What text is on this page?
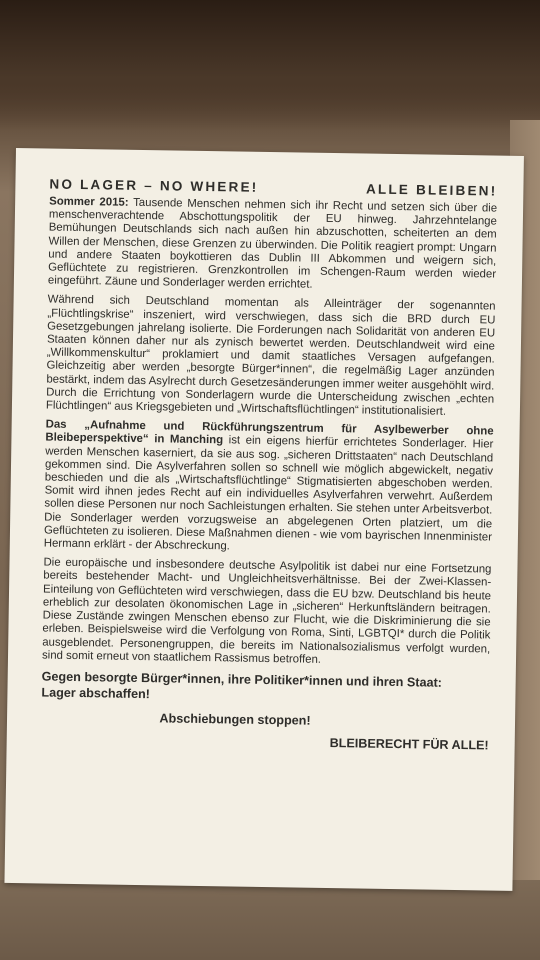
NO LAGER – NO WHERE!	ALLE BLEIBEN!

Sommer 2015: Tausende Menschen nehmen sich ihr Recht und setzen sich über die menschenverachtende Abschottungspolitik der EU hinweg. Jahrzehntelange Bemühungen Deutschlands sich nach außen hin abzuschotten, scheiterten an dem Willen der Menschen, diese Grenzen zu überwinden. Die Politik reagiert prompt: Ungarn und andere Staaten boykottieren das Dublin III Abkommen und weigern sich, Geflüchtete zu registrieren. Grenzkontrollen im Schengen-Raum werden wieder eingeführt. Zäune und Sonderlager werden errichtet.

Während sich Deutschland momentan als Alleinträger der sogenannten „Flüchtlingskrise“ inszeniert, wird verschwiegen, dass sich die BRD durch EU Gesetzgebungen jahrelang isolierte. Die Forderungen nach Solidarität von anderen EU Staaten können daher nur als zynisch bewertet werden. Deutschlandweit wird eine „Willkommenskultur“ proklamiert und damit staatliches Versagen aufgefangen. Gleichzeitig aber werden „besorgte Bürger*innen“, die regelmäßig Lager anzünden bestärkt, indem das Asylrecht durch Gesetzesänderungen immer weiter ausgehöhlt wird. Durch die Errichtung von Sonderlagern wurde die Unterscheidung zwischen „echten Flüchtlingen“ aus Kriegsgebieten und „Wirtschaftsflüchtlingen“ institutionalisiert.

Das „Aufnahme und Rückführungszentrum für Asylbewerber ohne Bleibeperspektive“ in Manching ist ein eigens hierfür errichtetes Sonderlager. Hier werden Menschen kaserniert, da sie aus sog. „sicheren Drittstaaten“ nach Deutschland gekommen sind. Die Asylverfahren sollen so schnell wie möglich abgewickelt, negativ beschieden und die als „Wirtschaftsflüchtlinge“ Stigmatisierten abgeschoben werden. Somit wird ihnen jedes Recht auf ein individuelles Asylverfahren verwehrt. Außerdem sollen diese Personen nur noch Sachleistungen erhalten. Sie stehen unter Arbeitsverbot. Die Sonderlager werden vorzugsweise an abgelegenen Orten platziert, um die Geflüchteten zu isolieren. Diese Maßnahmen dienen - wie vom bayrischen Innenminister Hermann erklärt - der Abschreckung.

Die europäische und insbesondere deutsche Asylpolitik ist dabei nur eine Fortsetzung bereits bestehender Macht- und Ungleichheitsverhältnisse. Bei der Zwei-Klassen-Einteilung von Geflüchteten wird verschwiegen, dass die EU bzw. Deutschland bis heute erheblich zur desolaten ökonomischen Lage in „sicheren“ Herkunftsländern beitragen. Diese Zustände zwingen Menschen ebenso zur Flucht, wie die Diskriminierung die sie erleben. Beispielsweise wird die Verfolgung von Roma, Sinti, LGBTQI* durch die Politik ausgeblendet. Personengruppen, die bereits im Nationalsozialismus verfolgt wurden, sind somit erneut von staatlichem Rassismus betroffen.

Gegen besorgte Bürger*innen, ihre Politiker*innen und ihren Staat:

Lager abschaffen!

Abschiebungen stoppen!

BLEIBERECHT FÜR ALLE!
